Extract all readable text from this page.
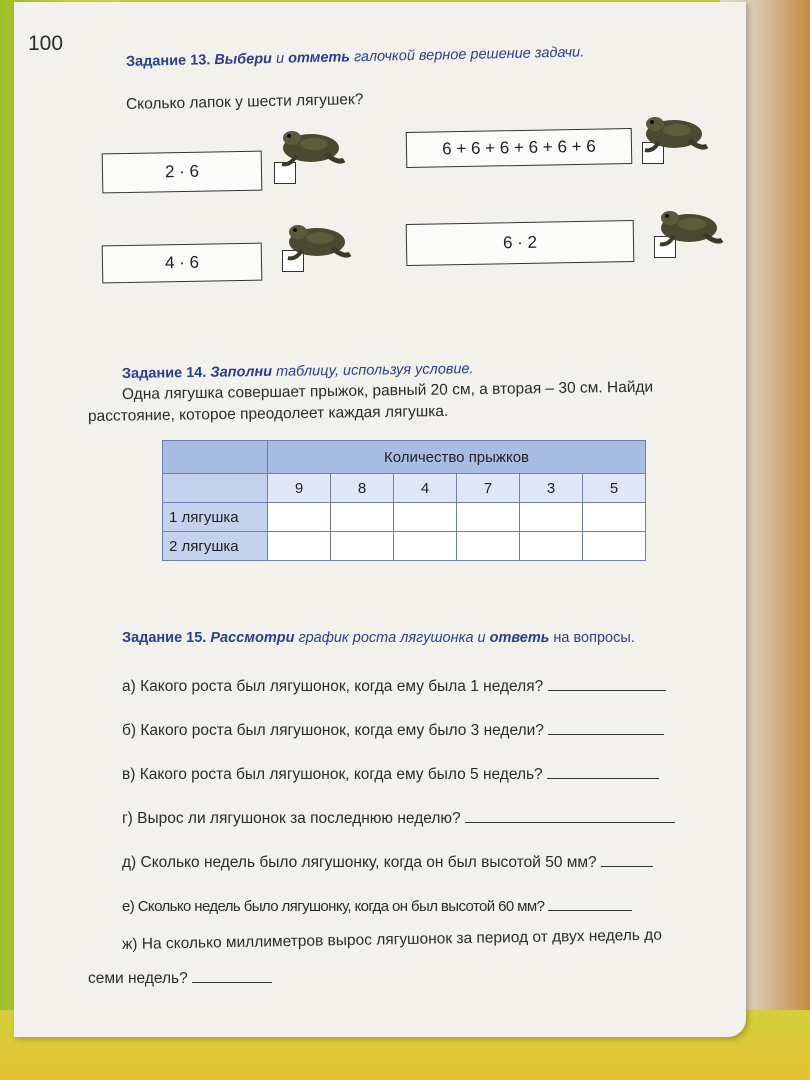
100
Задание 13. Выбери и отметь галочкой верное решение задачи.
Сколько лапок у шести лягушек?
2 · 6
6 + 6 + 6 + 6 + 6 + 6
4 · 6
6 · 2
Задание 14. Заполни таблицу, используя условие.
Одна лягушка совершает прыжок, равный 20 см, а вторая – 30 см. Найди
расстояние, которое преодолеет каждая лягушка.
	Количество прыжков					
	9	8	4	7	3	5
1 лягушка						
2 лягушка						
Задание 15. Рассмотри график роста лягушонка и ответь на вопросы.
а) Какого роста был лягушонок, когда ему была 1 неделя?
б) Какого роста был лягушонок, когда ему было 3 недели?
в) Какого роста был лягушонок, когда ему было 5 недель?
г) Вырос ли лягушонок за последнюю неделю?
д) Сколько недель было лягушонку, когда он был высотой 50 мм?
е) Сколько недель было лягушонку, когда он был высотой 60 мм?
ж) На сколько миллиметров вырос лягушонок за период от двух недель до
семи недель?
